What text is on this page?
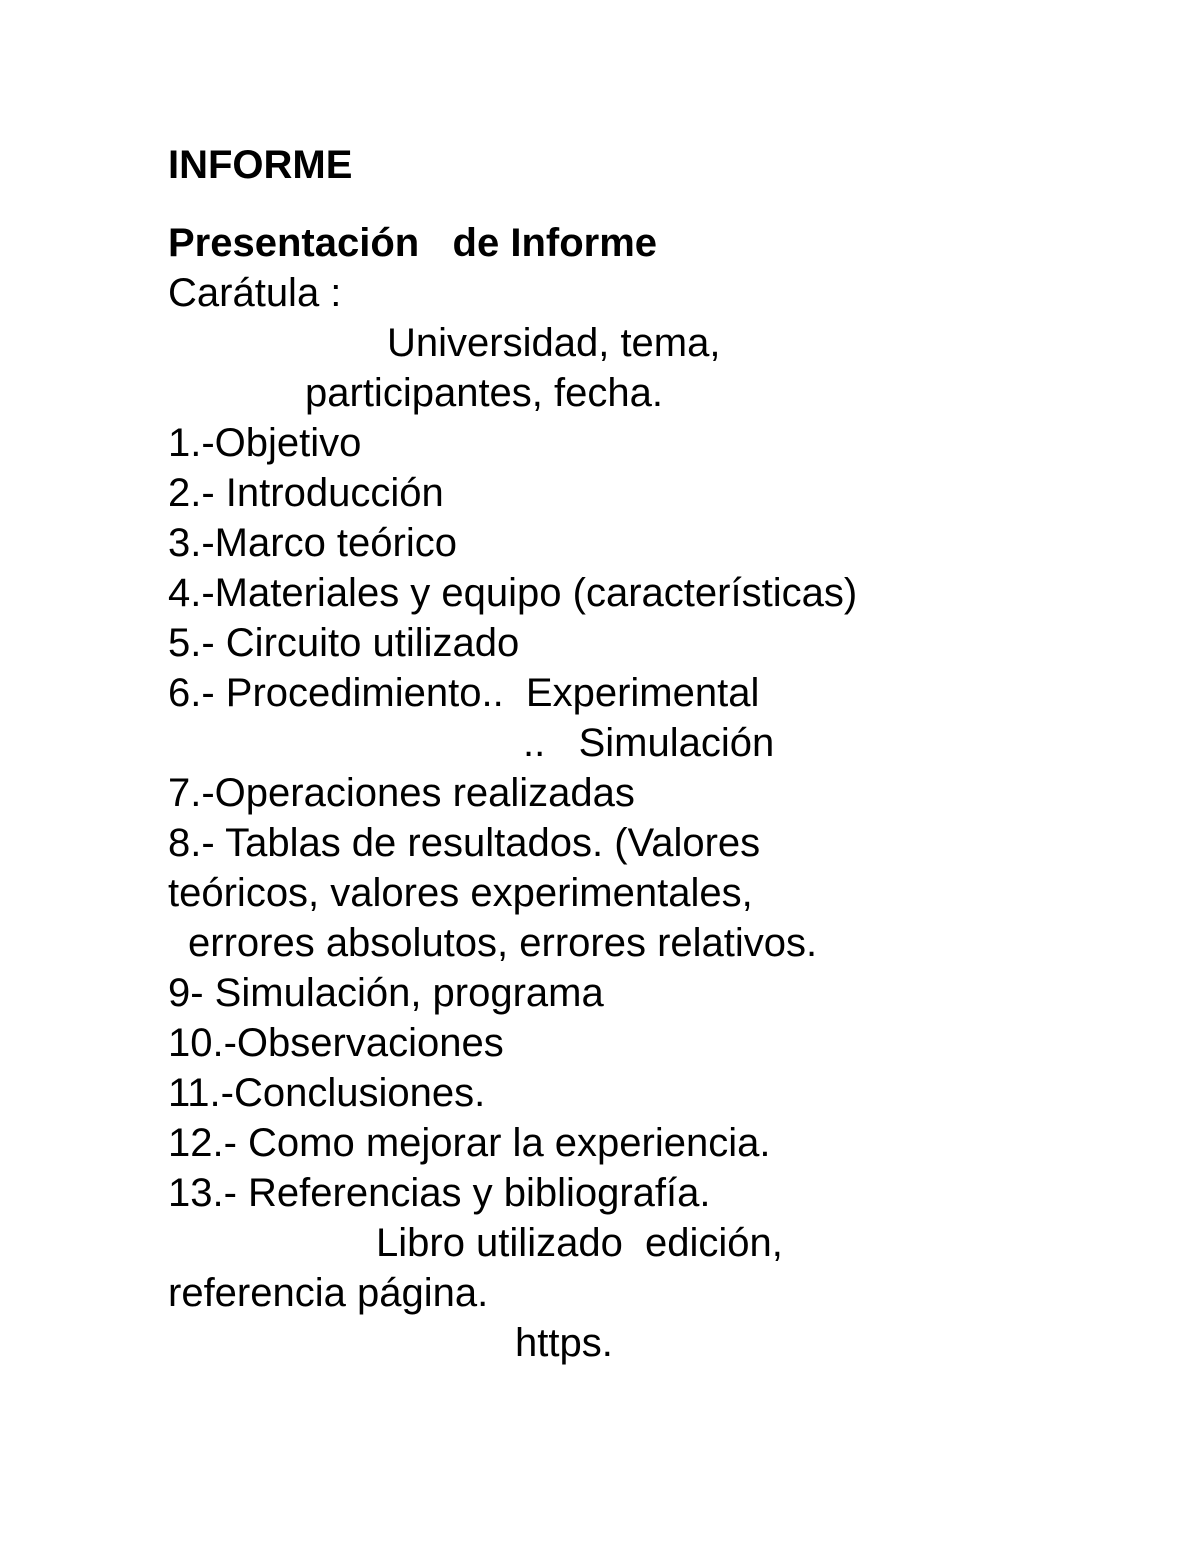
INFORME
Presentación   de Informe
Carátula :
Universidad, tema,
participantes, fecha.
1.-Objetivo
2.- Introducción
3.-Marco teórico
4.-Materiales y equipo (características)
5.- Circuito utilizado
6.- Procedimiento..  Experimental
..   Simulación
7.-Operaciones realizadas
8.- Tablas de resultados. (Valores
teóricos, valores experimentales,
errores absolutos, errores relativos.
9- Simulación, programa
10.-Observaciones
11.-Conclusiones.
12.- Como mejorar la experiencia.
13.- Referencias y bibliografía.
Libro utilizado  edición,
referencia página.
https.
